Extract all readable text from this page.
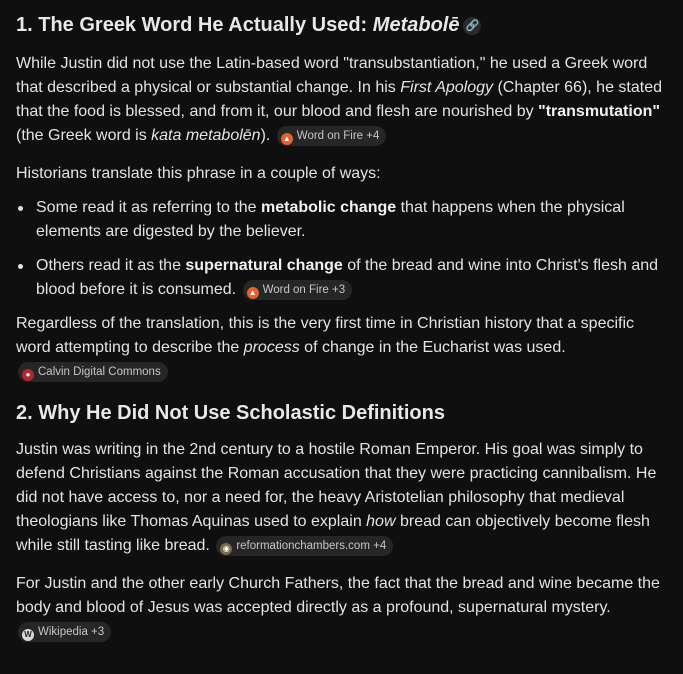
1. The Greek Word He Actually Used: Metabolē 🔗

While Justin did not use the Latin-based word "transubstantiation," he used a Greek word that described a physical or substantial change. In his First Apology (Chapter 66), he stated that the food is blessed, and from it, our blood and flesh are nourished by "transmutation" (the Greek word is kata metabolēn). ▲ Word on Fire +4

Historians translate this phrase in a couple of ways:

Some read it as referring to the metabolic change that happens when the physical elements are digested by the believer.
Others read it as the supernatural change of the bread and wine into Christ's flesh and blood before it is consumed. ▲ Word on Fire +3

Regardless of the translation, this is the very first time in Christian history that a specific word attempting to describe the process of change in the Eucharist was used. ● Calvin Digital Commons

2. Why He Did Not Use Scholastic Definitions

Justin was writing in the 2nd century to a hostile Roman Emperor. His goal was simply to defend Christians against the Roman accusation that they were practicing cannibalism. He did not have access to, nor a need for, the heavy Aristotelian philosophy that medieval theologians like Thomas Aquinas used to explain how bread can objectively become flesh while still tasting like bread. ◉ reformationchambers.com +4

For Justin and the other early Church Fathers, the fact that the bread and wine became the body and blood of Jesus was accepted directly as a profound, supernatural mystery. W Wikipedia +3
